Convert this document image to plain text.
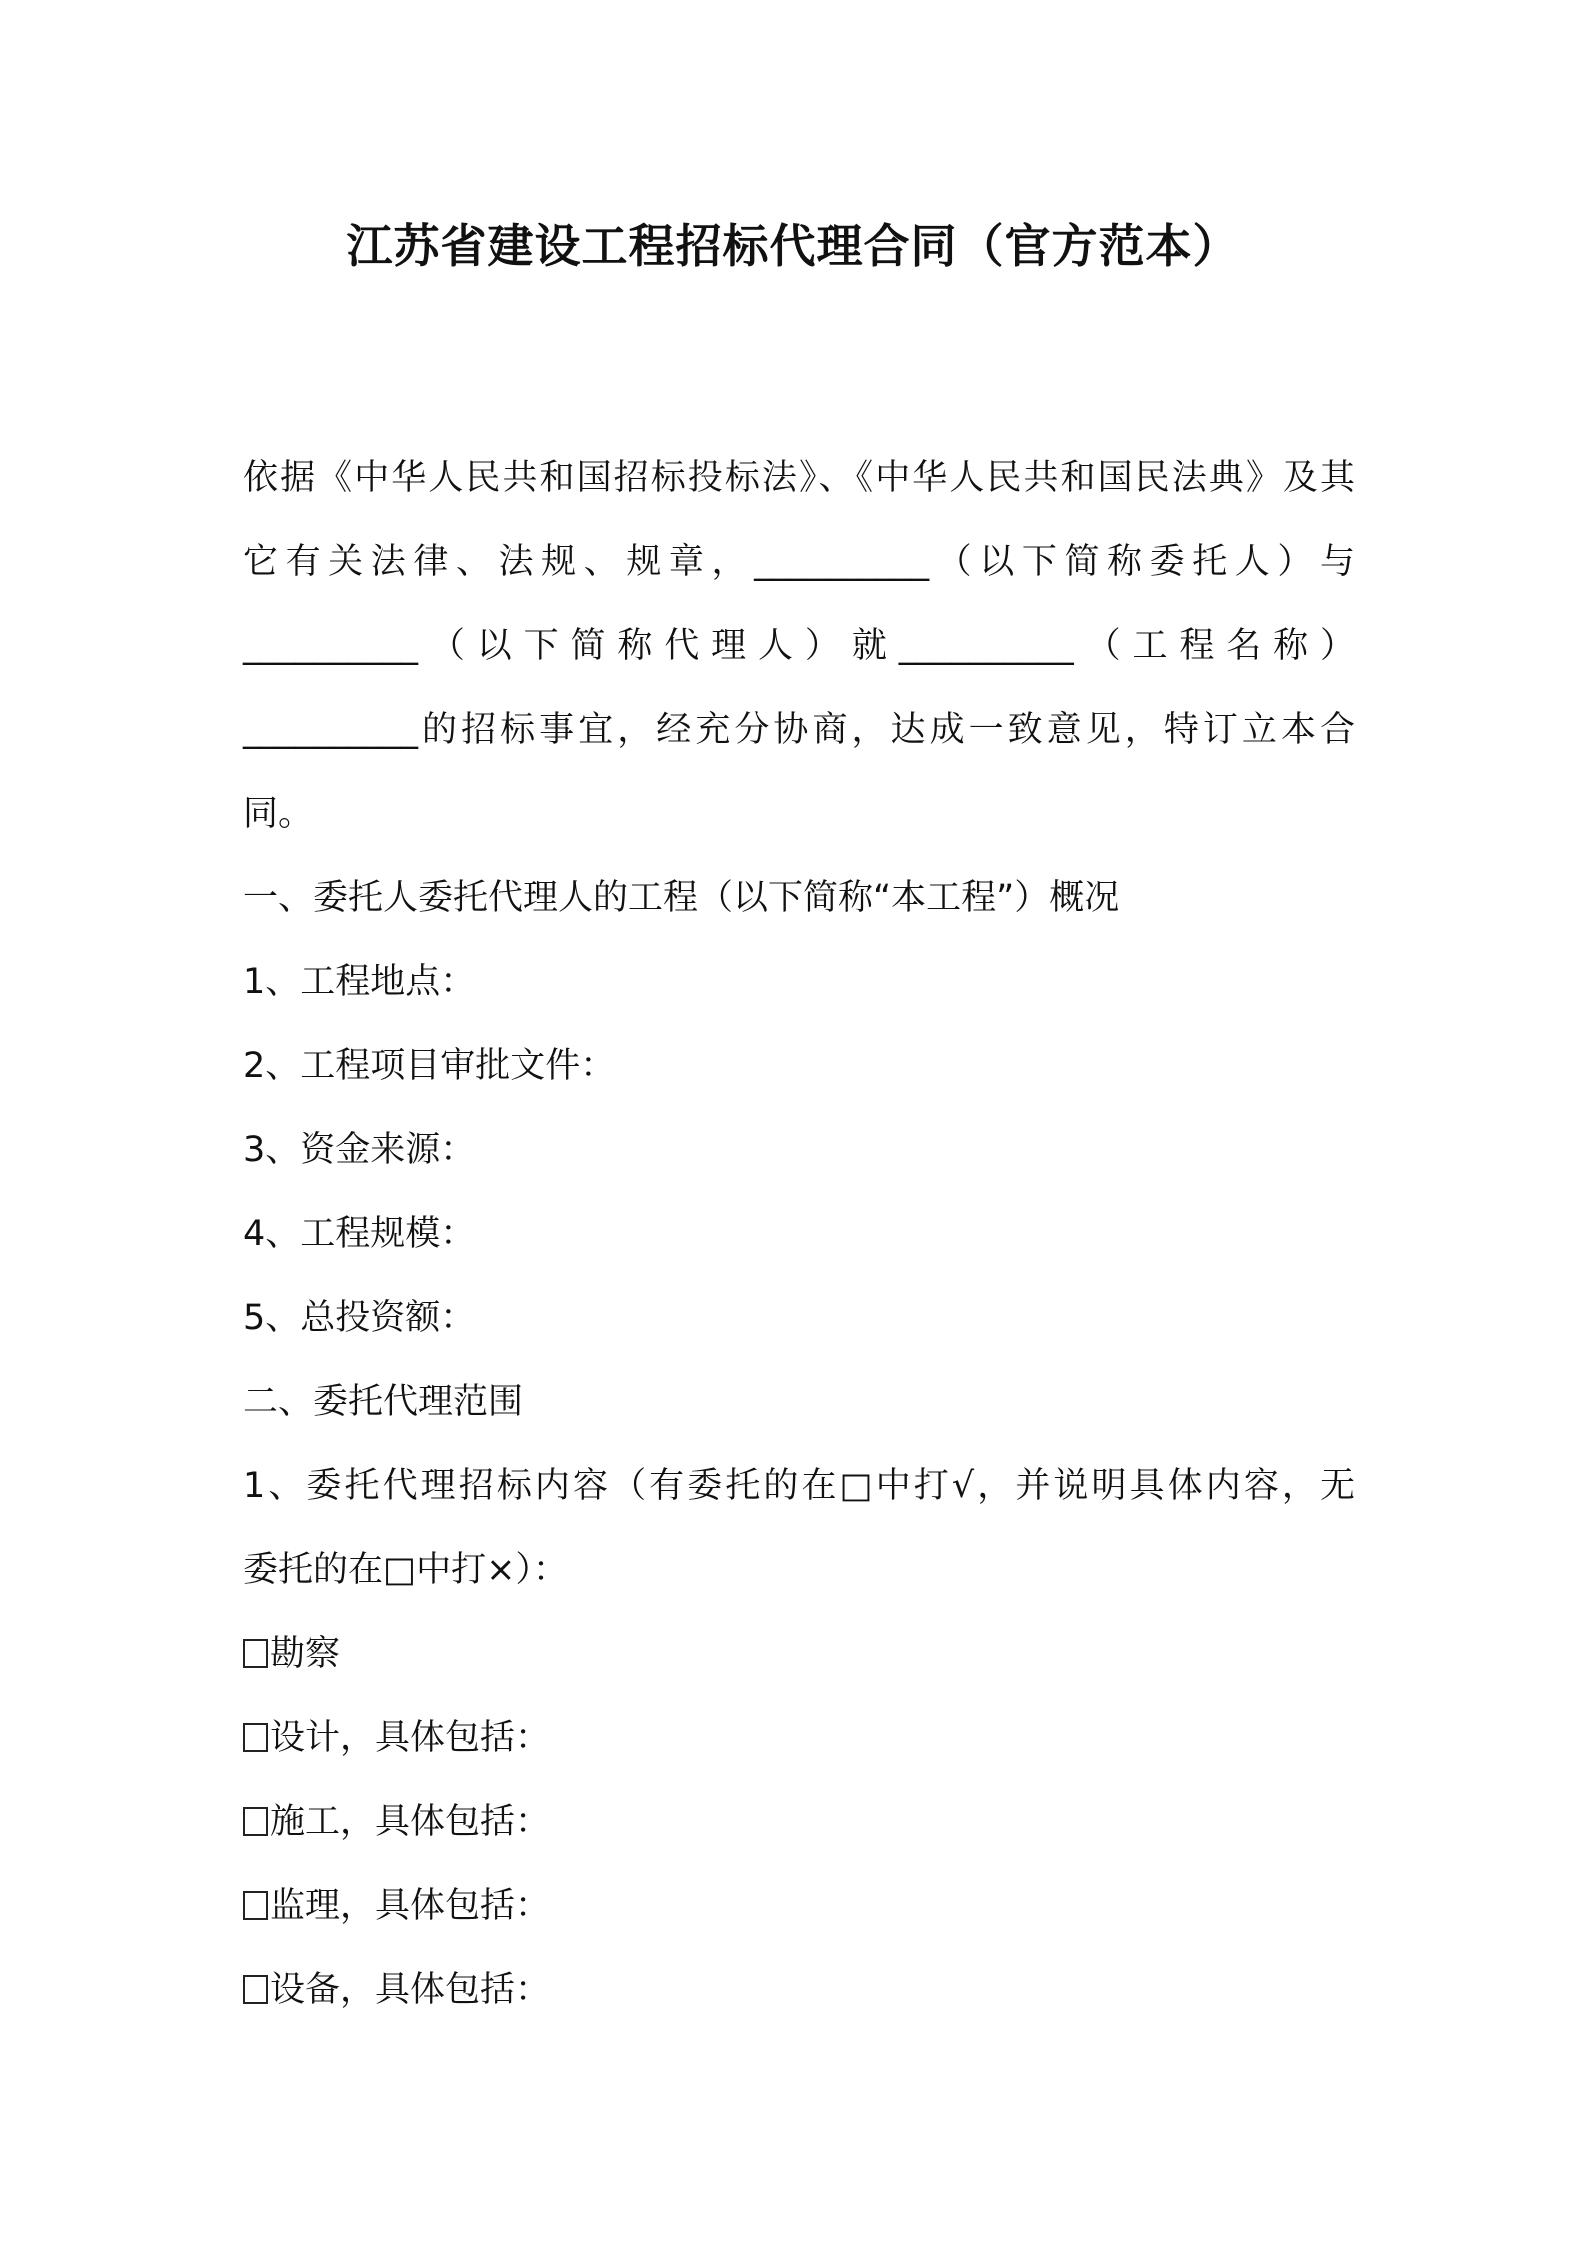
江苏省建设工程招标代理合同（官方范本）
依据《中华人民共和国招标投标法》、《中华人民共和国民法典》及其
它有关法律、法规、规章，__________（以下简称委托人）与
__________（以下简称代理人）就__________（工程名称）
__________的招标事宜，经充分协商，达成一致意见，特订立本合
同。
一、委托人委托代理人的工程（以下简称“本工程”）概况
1、工程地点：
2、工程项目审批文件：
3、资金来源：
4、工程规模：
5、总投资额：
二、委托代理范围
1、委托代理招标内容（有委托的在□中打√，并说明具体内容，无
委托的在□中打×）：
勘察
设计，具体包括：
施工，具体包括：
监理，具体包括：
设备，具体包括：
